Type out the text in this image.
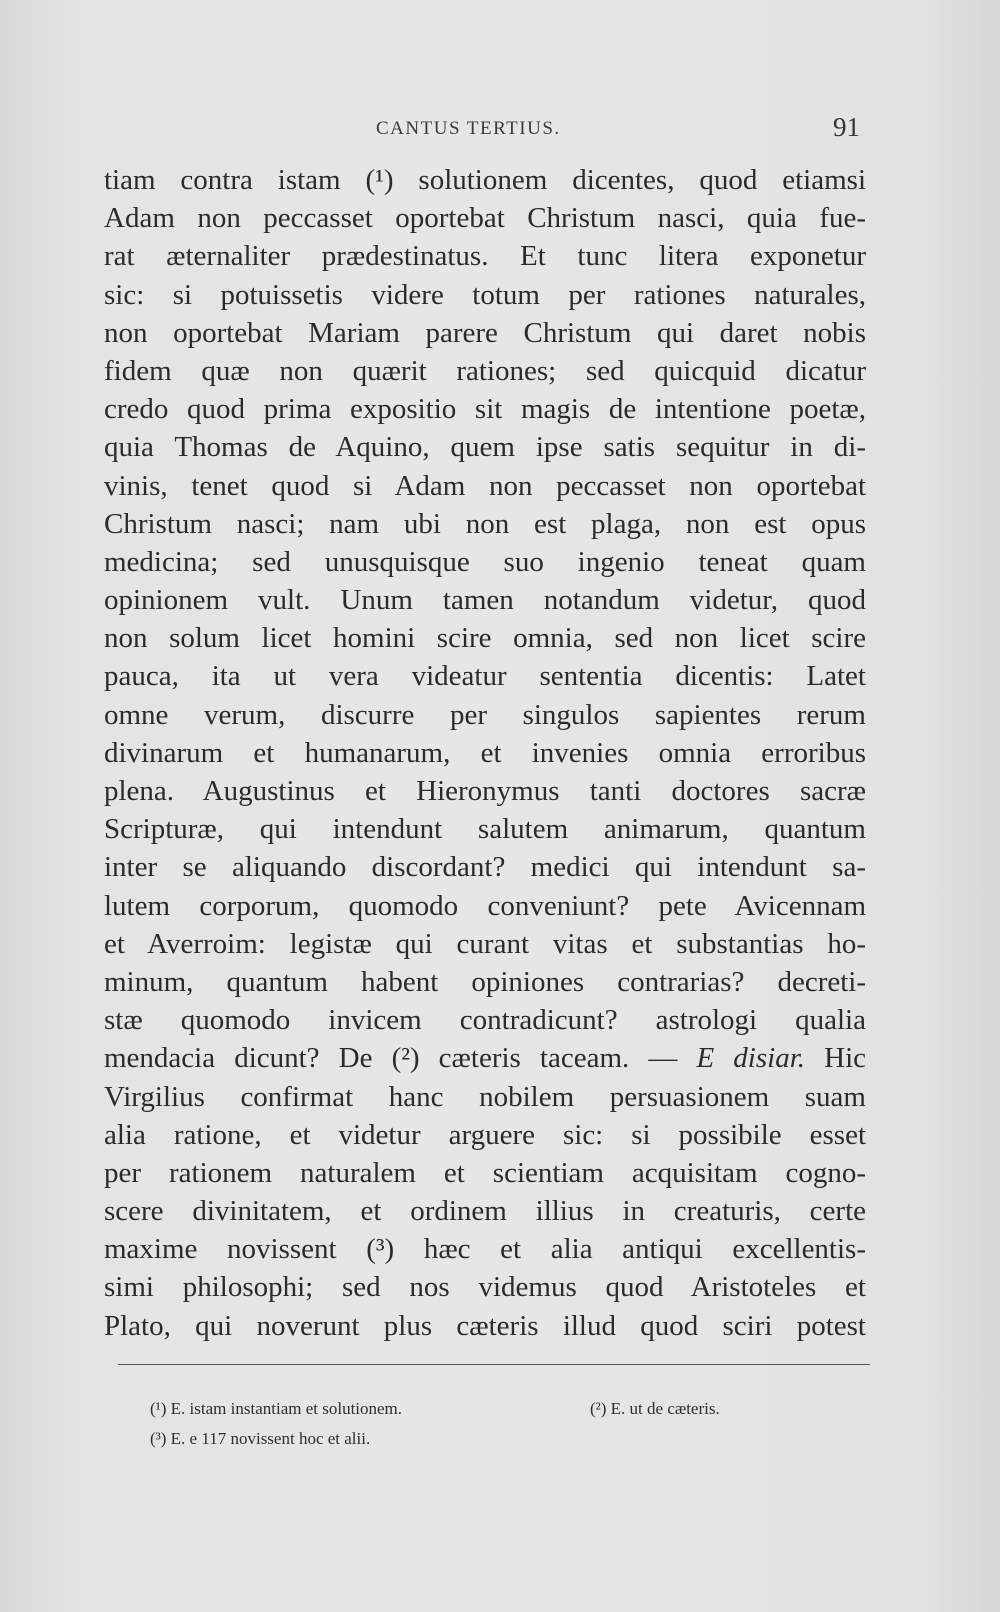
CANTUS TERTIUS.	91
tiam contra istam (¹) solutionem dicentes, quod etiamsi
Adam non peccasset oportebat Christum nasci, quia fue-
rat æternaliter prædestinatus. Et tunc litera exponetur
sic: si potuissetis videre totum per rationes naturales,
non oportebat Mariam parere Christum qui daret nobis
fidem quæ non quærit rationes; sed quicquid dicatur
credo quod prima expositio sit magis de intentione poetæ,
quia Thomas de Aquino, quem ipse satis sequitur in di-
vinis, tenet quod si Adam non peccasset non oportebat
Christum nasci; nam ubi non est plaga, non est opus
medicina; sed unusquisque suo ingenio teneat quam
opinionem vult. Unum tamen notandum videtur, quod
non solum licet homini scire omnia, sed non licet scire
pauca, ita ut vera videatur sententia dicentis: Latet
omne verum, discurre per singulos sapientes rerum
divinarum et humanarum, et invenies omnia erroribus
plena. Augustinus et Hieronymus tanti doctores sacræ
Scripturæ, qui intendunt salutem animarum, quantum
inter se aliquando discordant? medici qui intendunt sa-
lutem corporum, quomodo conveniunt? pete Avicennam
et Averroim: legistæ qui curant vitas et substantias ho-
minum, quantum habent opiniones contrarias? decreti-
stæ quomodo invicem contradicunt? astrologi qualia
mendacia dicunt? De (²) cæteris taceam. — E disiar. Hic
Virgilius confirmat hanc nobilem persuasionem suam
alia ratione, et videtur arguere sic: si possibile esset
per rationem naturalem et scientiam acquisitam cogno-
scere divinitatem, et ordinem illius in creaturis, certe
maxime novissent (³) hæc et alia antiqui excellentis-
simi philosophi; sed nos videmus quod Aristoteles et
Plato, qui noverunt plus cæteris illud quod sciri potest
(¹) E. istam instantiam et solutionem.	(²) E. ut de cæteris.
(³) E. e 117 novissent hoc et alii.
